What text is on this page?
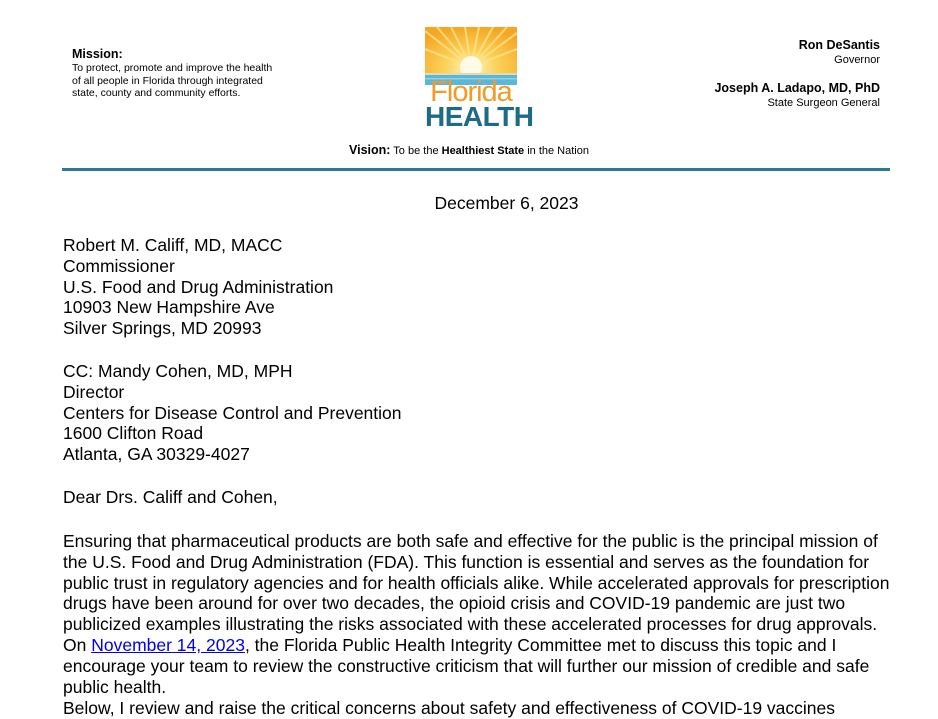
Mission:
To protect, promote and improve the health
of all people in Florida through integrated
state, county and community efforts.	Florida
HEALTH
Ron DeSantis
Governor
Joseph A. Ladapo, MD, PhD
State Surgeon General
Vision: To be the Healthiest State in the Nation
December 6, 2023
Robert M. Califf, MD, MACC
Commissioner
U.S. Food and Drug Administration
10903 New Hampshire Ave
Silver Springs, MD 20993
CC: Mandy Cohen, MD, MPH
Director
Centers for Disease Control and Prevention
1600 Clifton Road
Atlanta, GA 30329-4027
Dear Drs. Califf and Cohen,
Ensuring that pharmaceutical products are both safe and effective for the public is the principal mission of the U.S. Food and Drug Administration (FDA). This function is essential and serves as the foundation for public trust in regulatory agencies and for health officials alike. While accelerated approvals for prescription drugs have been around for over two decades, the opioid crisis and COVID-19 pandemic are just two publicized examples illustrating the risks associated with these accelerated processes for drug approvals. On November 14, 2023, the Florida Public Health Integrity Committee met to discuss this topic and I encourage your team to review the constructive criticism that will further our mission of credible and safe public health.
Below, I review and raise the critical concerns about safety and effectiveness of COVID-19 vaccines
